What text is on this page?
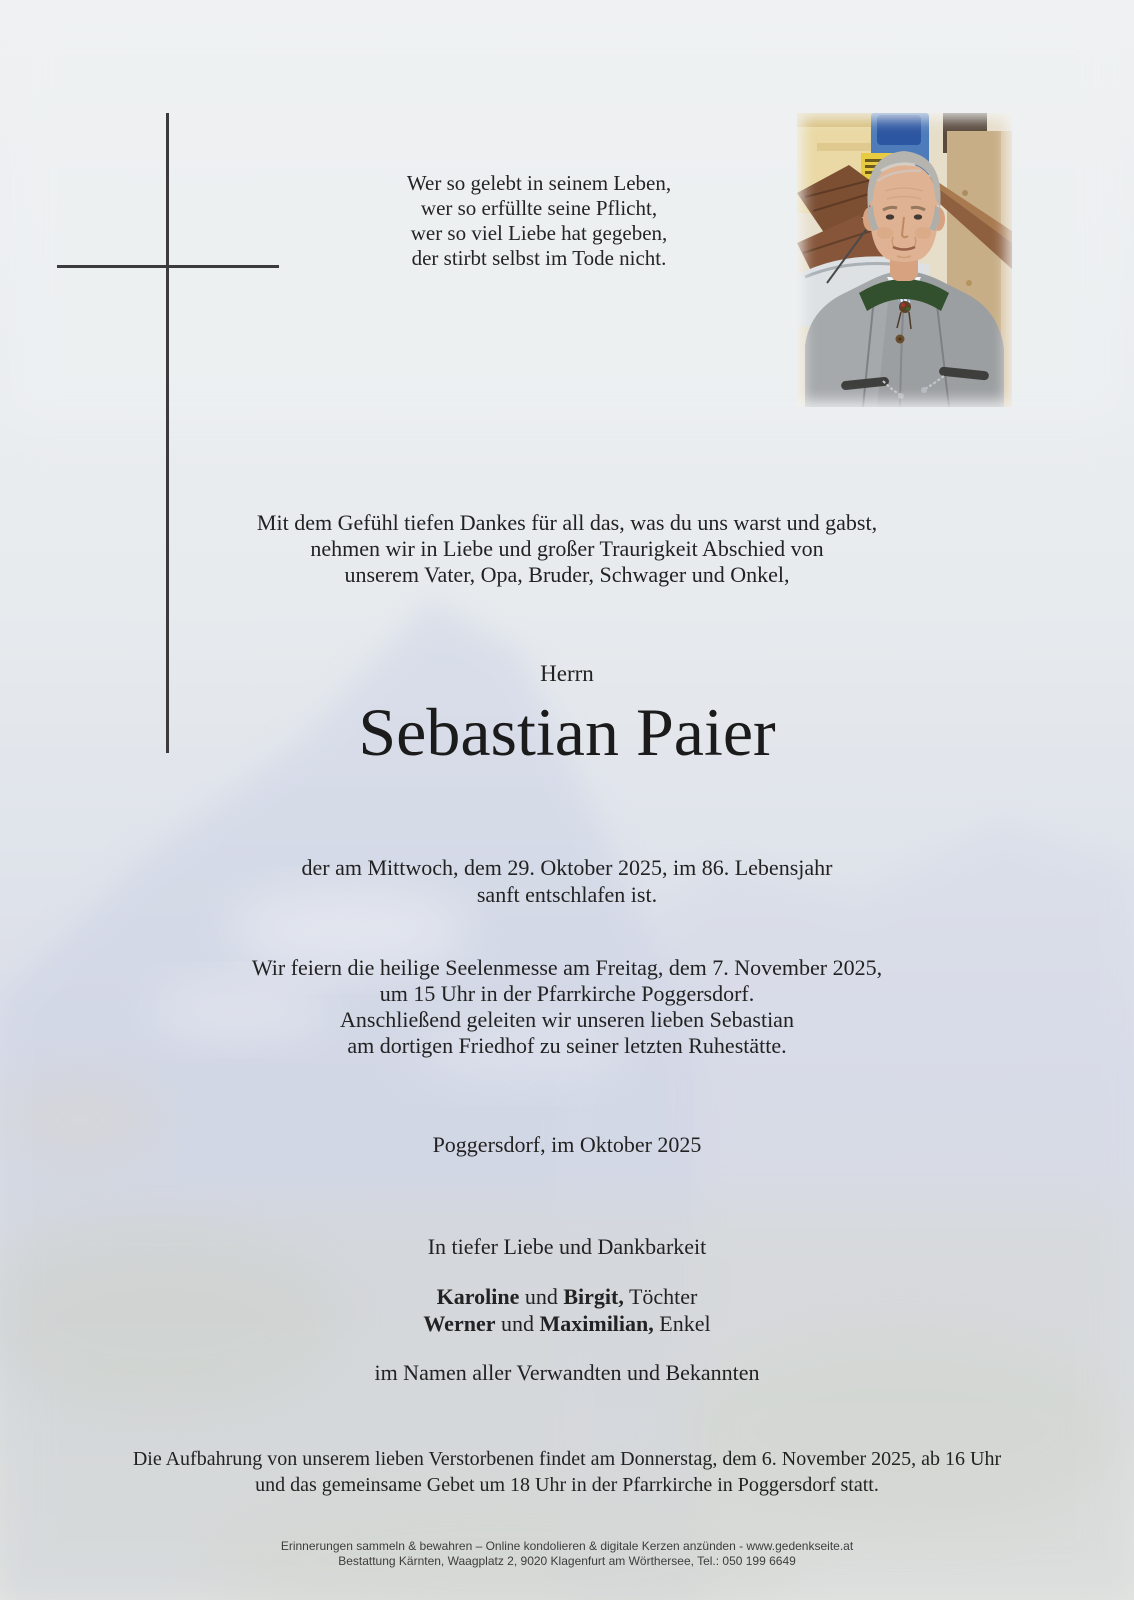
Wer so gelebt in seinem Leben,
wer so erfüllte seine Pflicht,
wer so viel Liebe hat gegeben,
der stirbt selbst im Tode nicht.
Mit dem Gefühl tiefen Dankes für all das, was du uns warst und gabst,
nehmen wir in Liebe und großer Traurigkeit Abschied von
unserem Vater, Opa, Bruder, Schwager und Onkel,
Herrn
Sebastian Paier
der am Mittwoch, dem 29. Oktober 2025, im 86. Lebensjahr
sanft entschlafen ist.
Wir feiern die heilige Seelenmesse am Freitag, dem 7. November 2025,
um 15 Uhr in der Pfarrkirche Poggersdorf.
Anschließend geleiten wir unseren lieben Sebastian
am dortigen Friedhof zu seiner letzten Ruhestätte.
Poggersdorf, im Oktober 2025
In tiefer Liebe und Dankbarkeit
Karoline und Birgit, Töchter
Werner und Maximilian, Enkel
im Namen aller Verwandten und Bekannten
Die Aufbahrung von unserem lieben Verstorbenen findet am Donnerstag, dem 6. November 2025, ab 16 Uhr
und das gemeinsame Gebet um 18 Uhr in der Pfarrkirche in Poggersdorf statt.
Erinnerungen sammeln & bewahren – Online kondolieren & digitale Kerzen anzünden - www.gedenkseite.at
Bestattung Kärnten, Waagplatz 2, 9020 Klagenfurt am Wörthersee, Tel.: 050 199 6649
